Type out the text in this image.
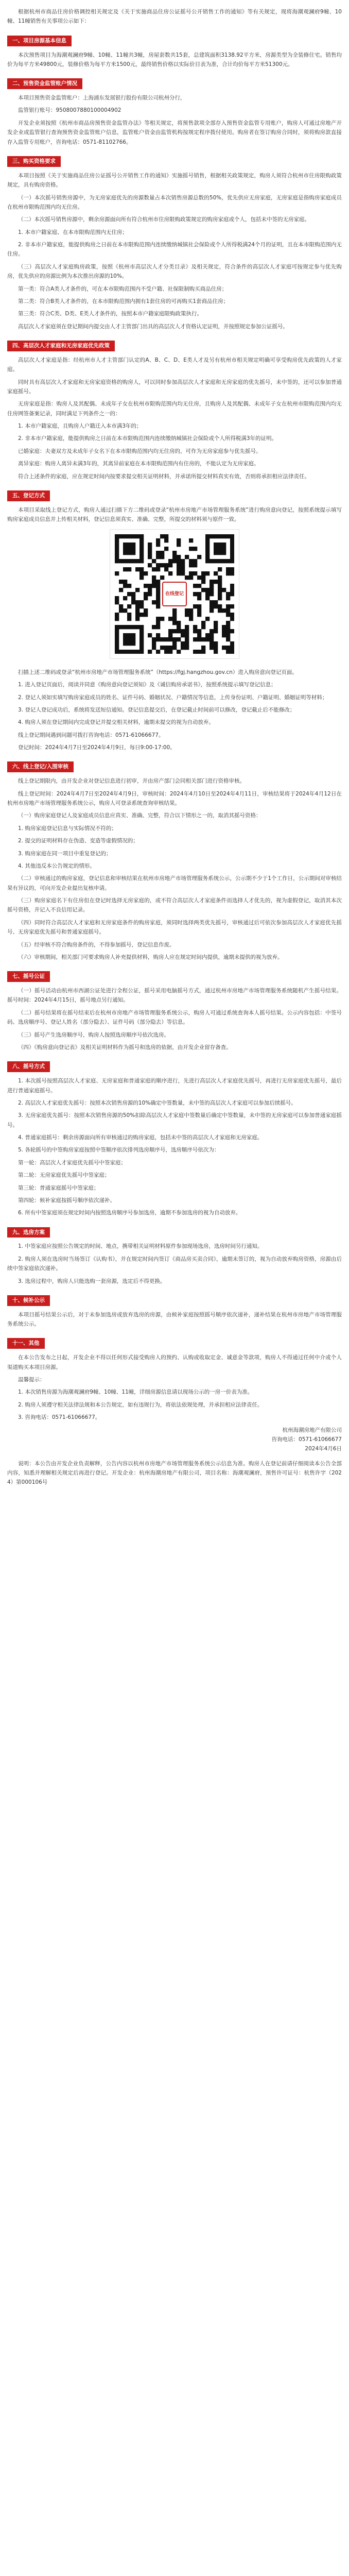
根据杭州市商品住房价格调控相关规定及《关于实施商品住房公证摇号公开销售工作的通知》等有关规定，现将海潮观澜府9幢、10幢、11幢销售有关事项公示如下：

一、项目房源基本信息

本次预售项目为海潮观澜府9幢、10幢、11幢共3幢，房屋套数共15套，总建筑面积3138.92平方米，房源类型为全装修住宅。销售均价为每平方米49800元，装修价格为每平方米1500元，最终销售价格以实际价目表为准，合计均价每平方米51300元。

二、预售资金监管账户情况

本项目预售资金监管账户：上海浦东发展银行股份有限公司杭州分行，

监管银行账号：9508007880100004902

开发企业须按照《杭州市商品房预售资金监管办法》等相关规定，将预售款项全部存入预售资金监管专用账户，购房人可通过房地产开发企业或监管银行查询预售资金监管账户信息，监管账户资金由监管机构按规定程序拨付使用。购房者在签订购房合同时，须将购房款直接存入监管专用账户，咨询电话：0571-81102766。

三、购买资格要求

本项目按照《关于实施商品住房公证摇号公开销售工作的通知》实施摇号销售，根据相关政策规定，购房人须符合杭州市住房限购政策规定，具有购房资格。

（一）本次摇号销售房源中，为无房家庭优先的房源数量占本次销售房源总数的50%，优先供应无房家庭，无房家庭是指购房家庭成员在杭州市限购范围内均无住房。

（二）本次摇号销售房源中，剩余房源面向所有符合杭州市住房限购政策规定的购房家庭或个人，包括未中签的无房家庭。

1. 本市户籍家庭、在本市限购范围内无住房；

2. 非本市户籍家庭，能提供购房之日前在本市限购范围内连续缴纳城镇社会保险或个人所得税满24个月的证明，且在本市限购范围内无住房。

（三）高层次人才家庭购房政策，按照《杭州市高层次人才分类目录》及相关规定，符合条件的高层次人才家庭可按规定参与优先购房，优先供应的房源比例为本次推出房源的10%。

第一类：符合A类人才条件的，可在本市限购范围内不受户籍、社保限制购买商品住房；

第二类：符合B类人才条件的，在本市限购范围内拥有1套住房的可再购买1套商品住房；

第三类：符合C类、D类、E类人才条件的，按照本市户籍家庭限购政策执行。

高层次人才家庭须在登记期间内提交由人才主管部门出具的高层次人才资格认定证明，并按照规定参加公证摇号。

四、高层次人才家庭和无房家庭优先政策

高层次人才家庭是指：经杭州市人才主管部门认定的A、B、C、D、E类人才及另有杭州市相关规定明确可享受购房优先政策的人才家庭。

同时具有高层次人才家庭和无房家庭资格的购房人，可以同时参加高层次人才家庭和无房家庭的优先摇号，未中签的，还可以参加普通家庭摇号。

无房家庭是指：购房人及其配偶、未成年子女在杭州市限购范围内均无住房，且购房人及其配偶、未成年子女在杭州市限购范围内均无住房网签备案记录，同时满足下列条件之一的：

1. 本市户籍家庭，且购房人户籍迁入本市满3年的；

2. 非本市户籍家庭，能提供购房之日前在本市限购范围内连续缴纳城镇社会保险或个人所得税满3年的证明。

已婚家庭：夫妻双方及未成年子女名下在本市限购范围内均无住房的，可作为无房家庭参与优先摇号。

离异家庭：购房人离异未满3年的，其离异前家庭在本市限购范围内有住房的，不能认定为无房家庭。

符合上述条件的家庭，应在规定时间内按要求提交相关证明材料，并承诺所提交材料真实有效，否则将承担相应法律责任。

五、登记方式

本项目采取线上登记方式，购房人通过扫描下方二维码或登录“杭州市房地产市场管理服务系统”进行购房意向登记，按照系统提示填写购房家庭成员信息并上传相关材料，登记信息须真实、准确、完整，所提交的材料须与原件一致。

在线登记

扫描上述二维码或登录“杭州市房地产市场管理服务系统”（https://fgj.hangzhou.gov.cn）进入购房意向登记页面。

1. 进入登记页面后，阅读并同意《购房意向登记须知》及《诚信购房承诺书》，按照系统提示填写登记信息；

2. 登记人须如实填写购房家庭成员的姓名、证件号码、婚姻状况、户籍情况等信息，上传身份证明、户籍证明、婚姻证明等材料；

3. 登记人登记成功后，系统将发送短信通知。登记信息提交后，在登记截止时间前可以修改，登记截止后不能修改；

4. 购房人须在登记期间内完成登记并提交相关材料，逾期未提交的视为自动放弃。

线上登记期间遇到问题可拨打咨询电话：0571-61066677。

登记时间：2024年4月7日至2024年4月9日，每日9:00-17:00。

六、线上登记/入围审核

线上登记期限内，由开发企业对登记信息进行初审，并由房产部门会同相关部门进行资格审核。

线上登记时间：2024年4月7日至2024年4月9日，审核时间：2024年4月10日至2024年4月11日，审核结果将于2024年4月12日在杭州市房地产市场管理服务系统公示，购房人可登录系统查询审核结果。

（一）购房家庭登记人及家庭成员信息应真实、准确、完整，符合以下情形之一的，取消其摇号资格：

1. 购房家庭登记信息与实际情况不符的；

2. 提交的证明材料存在伪造、变造等虚假情况的；

3. 购房家庭在同一项目中重复登记的；

4. 其他违反本公告规定的情形。

（二）审核通过的购房家庭，登记信息和审核结果在杭州市房地产市场管理服务系统公示，公示期不少于1个工作日，公示期间对审核结果有异议的，可向开发企业提出复核申请。

（三）购房家庭名下有住房但在登记时选择无房家庭的，或不符合高层次人才家庭条件而选择人才优先的，视为虚假登记，取消其本次摇号资格，并记入不良信用记录。

（四）同时符合高层次人才家庭和无房家庭条件的购房家庭，须同时选择两类优先摇号，审核通过后可依次参加高层次人才家庭优先摇号、无房家庭优先摇号和普通家庭摇号。

（五）经审核不符合购房条件的，不得参加摇号，登记信息作废。

（六）审核期间，相关部门可要求购房人补充提供材料，购房人应在规定时间内提供，逾期未提供的视为放弃。

七、摇号公证

（一）摇号活动由杭州市西湖公证处进行全程公证，摇号采用电脑摇号方式，通过杭州市房地产市场管理服务系统随机产生摇号结果。摇号时间：2024年4月15日，摇号地点另行通知。

（二）摇号结果将在摇号结束后在杭州市房地产市场管理服务系统公示，购房人可通过系统查询本人摇号结果。公示内容包括：中签号码、选房顺序号、登记人姓名（部分隐去）、证件号码（部分隐去）等信息。

（三）摇号产生选房顺序号，购房人按照选房顺序号依次选房。

（四）《购房意向登记表》及相关证明材料作为摇号和选房的依据，由开发企业留存备查。

八、摇号方式

1. 本次摇号按照高层次人才家庭、无房家庭和普通家庭的顺序进行，先进行高层次人才家庭优先摇号，再进行无房家庭优先摇号，最后进行普通家庭摇号。

2. 高层次人才家庭优先摇号：按照本次销售房源的10%确定中签数量，未中签的高层次人才家庭可以参加后续摇号。

3. 无房家庭优先摇号：按照本次销售房源的50%扣除高层次人才家庭中签数量后确定中签数量，未中签的无房家庭可以参加普通家庭摇号。

4. 普通家庭摇号：剩余房源面向所有审核通过的购房家庭，包括未中签的高层次人才家庭和无房家庭。

5. 各轮摇号的中签购房家庭按照中签顺序依次排列选房顺序号，选房顺序号依次为：

第一轮：高层次人才家庭优先摇号中签家庭；

第二轮：无房家庭优先摇号中签家庭；

第三轮：普通家庭摇号中签家庭；

第四轮：候补家庭按摇号顺序依次递补。

6. 所有中签家庭须在规定时间内按照选房顺序号参加选房，逾期不参加选房的视为自动放弃。

九、选房方案

1. 中签家庭应按照公告规定的时间、地点，携带相关证明材料原件参加现场选房，选房时间另行通知。

2. 购房人须在选房时当场签订《认购书》，并在规定时间内签订《商品房买卖合同》，逾期未签订的，视为自动放弃购房资格，房源由后续中签家庭依次递补。

3. 选房过程中，购房人只能选购一套房源，选定后不得更换。

十、候补公示

本项目摇号结果公示后，对于未参加选房或放弃选房的房源，由候补家庭按照摇号顺序依次递补，递补结果在杭州市房地产市场管理服务系统公示。

十一、其他

在本公告发布之日起，开发企业不得以任何形式接受购房人的预约、认购或收取定金、诚意金等款项，购房人不得通过任何中介或个人渠道购买本项目房源。

温馨提示：

1. 本次销售房源为海潮观澜府9幢、10幢、11幢，详细房源信息请以现场公示的一房一价表为准。

2. 购房人须遵守相关法律法规和本公告规定，如有违规行为，将依法依规处理，并承担相应法律责任。

3. 咨询电话：0571-61066677。

杭州海潮房地产有限公司
咨询电话：0571-61066677
2024年4月6日

说明：本公告由开发企业负责解释，公告内容以杭州市房地产市场管理服务系统公示信息为准。购房人在登记前请仔细阅读本公告全部内容，知悉并理解相关规定后再进行登记。开发企业：杭州海潮房地产有限公司，项目名称：海潮观澜府，预售许可证号：杭售许字（2024）第000106号
